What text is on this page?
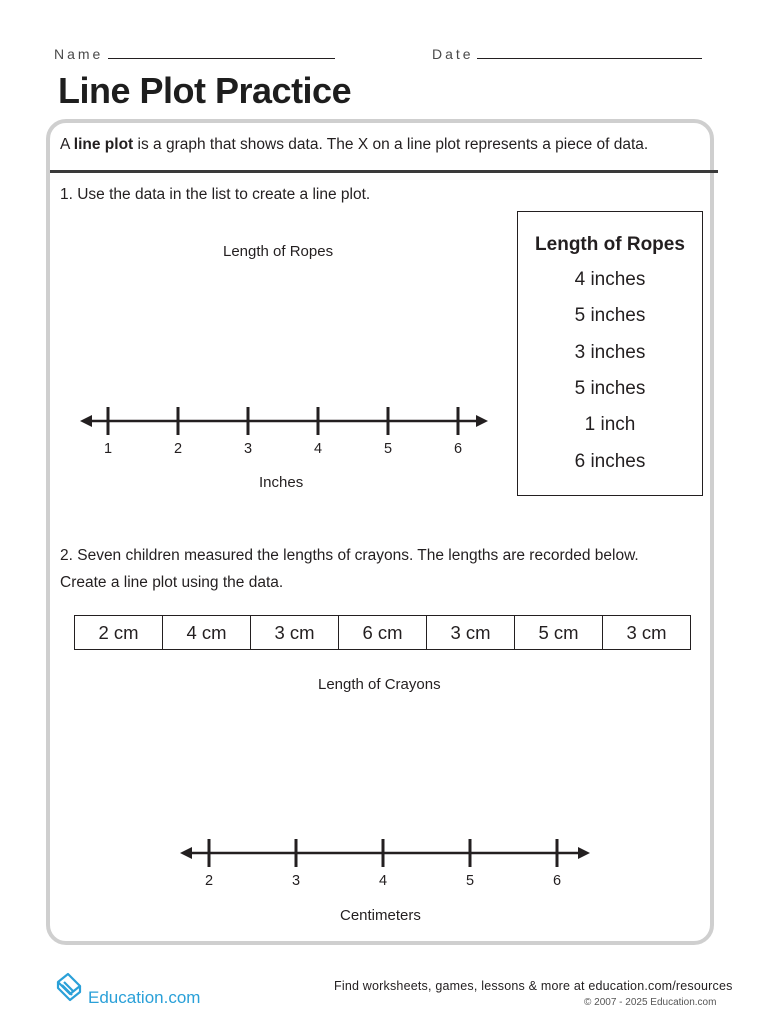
Name	Date
Line Plot Practice
A line plot is a graph that shows data. The X on a line plot represents a piece of data.
1. Use the data in the list to create a line plot.
Length of Ropes
1	2	3	4	5	6
Inches
Length of Ropes
4 inches
5 inches
3 inches
5 inches
1 inch
6 inches
2. Seven children measured the lengths of crayons. The lengths are recorded below.
Create a line plot using the data.
2 cm	4 cm	3 cm	6 cm	3 cm	5 cm	3 cm
Length of Crayons
2	3	4	5	6
Centimeters
Education.com
Find worksheets, games, lessons & more at education.com/resources
© 2007 - 2025 Education.com
